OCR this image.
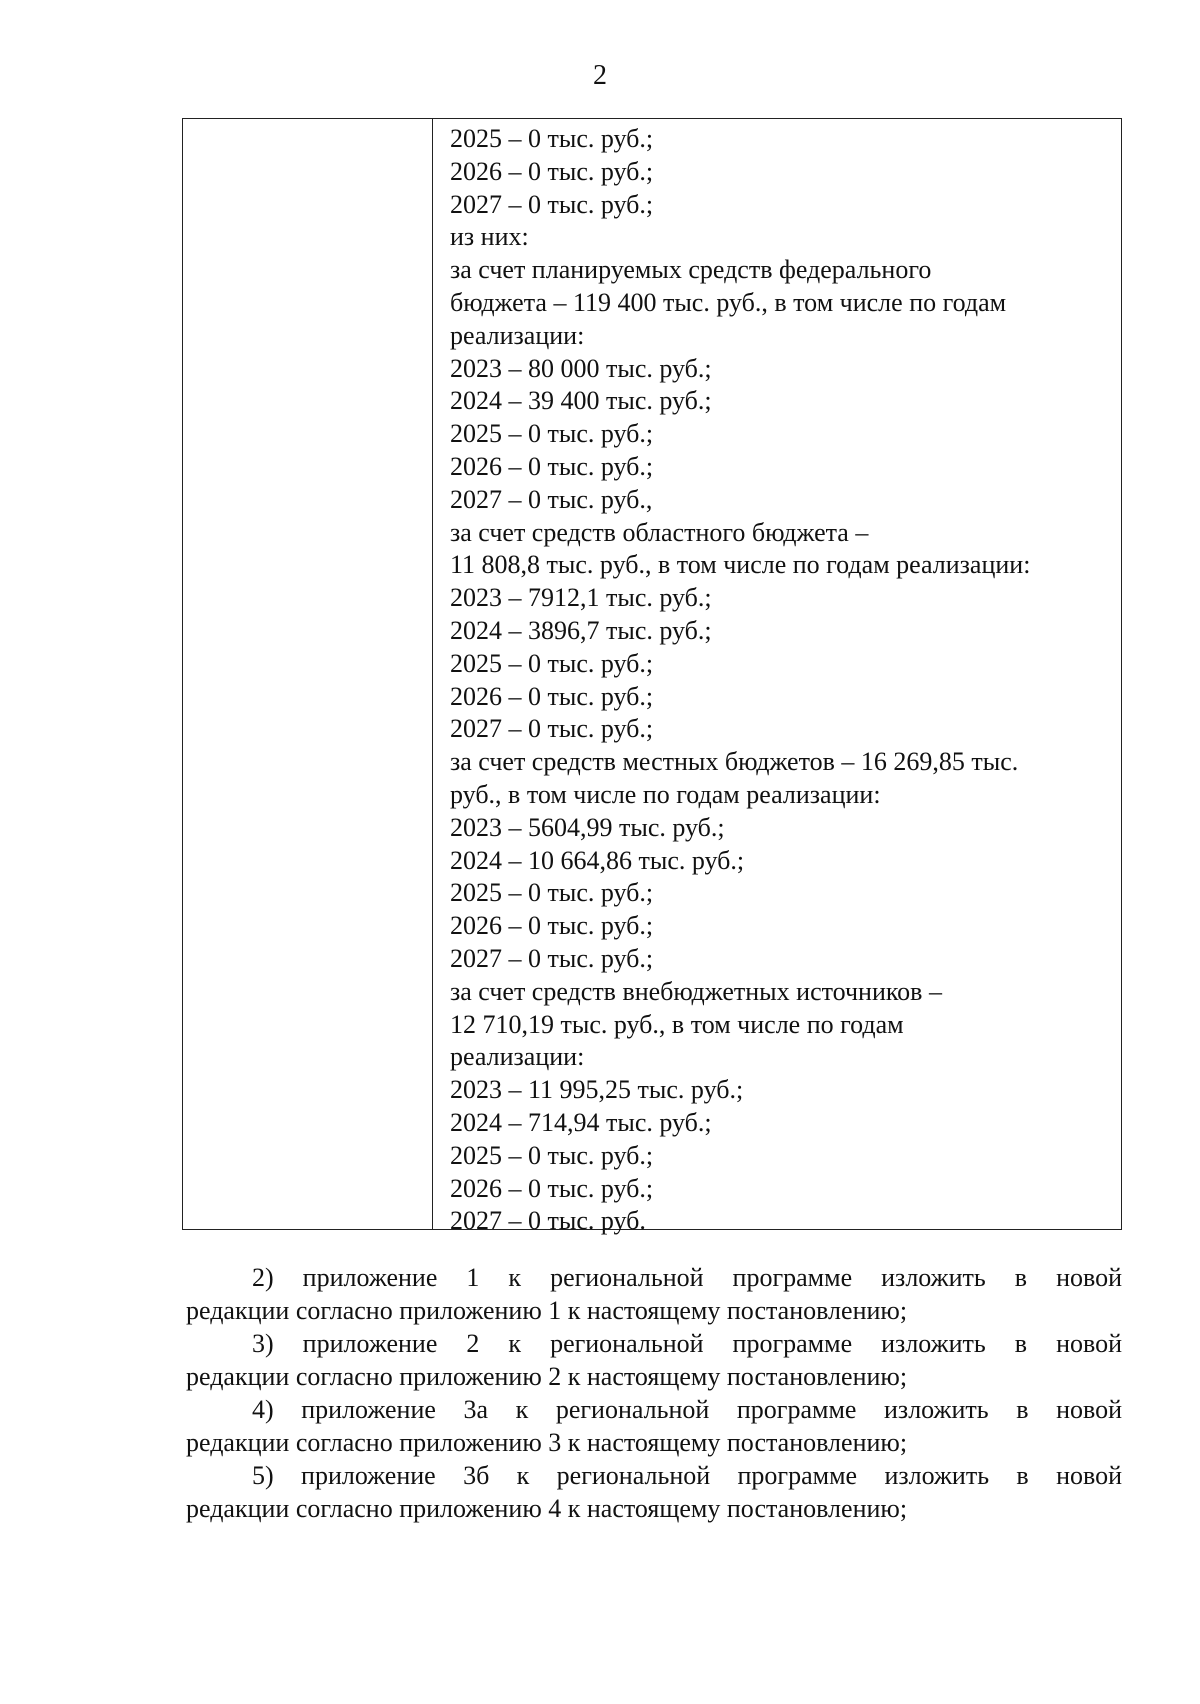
2
2025 – 0 тыс. руб.;
2026 – 0 тыс. руб.;
2027 – 0 тыс. руб.;
из них:
за счет планируемых средств федерального
бюджета – 119 400 тыс. руб., в том числе по годам
реализации:
2023 – 80 000 тыс. руб.;
2024 – 39 400 тыс. руб.;
2025 – 0 тыс. руб.;
2026 – 0 тыс. руб.;
2027 – 0 тыс. руб.,
за счет средств областного бюджета –
11 808,8 тыс. руб., в том числе по годам реализации:
2023 – 7912,1 тыс. руб.;
2024 – 3896,7 тыс. руб.;
2025 – 0 тыс. руб.;
2026 – 0 тыс. руб.;
2027 – 0 тыс. руб.;
за счет средств местных бюджетов – 16 269,85 тыс.
руб., в том числе по годам реализации:
2023 – 5604,99 тыс. руб.;
2024 – 10 664,86 тыс. руб.;
2025 – 0 тыс. руб.;
2026 – 0 тыс. руб.;
2027 – 0 тыс. руб.;
за счет средств внебюджетных источников –
12 710,19 тыс. руб., в том числе по годам
реализации:
2023 – 11 995,25 тыс. руб.;
2024 – 714,94 тыс. руб.;
2025 – 0 тыс. руб.;
2026 – 0 тыс. руб.;
2027 – 0 тыс. руб.
2) приложение 1 к региональной программе изложить в новой
редакции согласно приложению 1 к настоящему постановлению;
3) приложение 2 к региональной программе изложить в новой
редакции согласно приложению 2 к настоящему постановлению;
4) приложение 3а к региональной программе изложить в новой
редакции согласно приложению 3 к настоящему постановлению;
5) приложение 3б к региональной программе изложить в новой
редакции согласно приложению 4 к настоящему постановлению;
